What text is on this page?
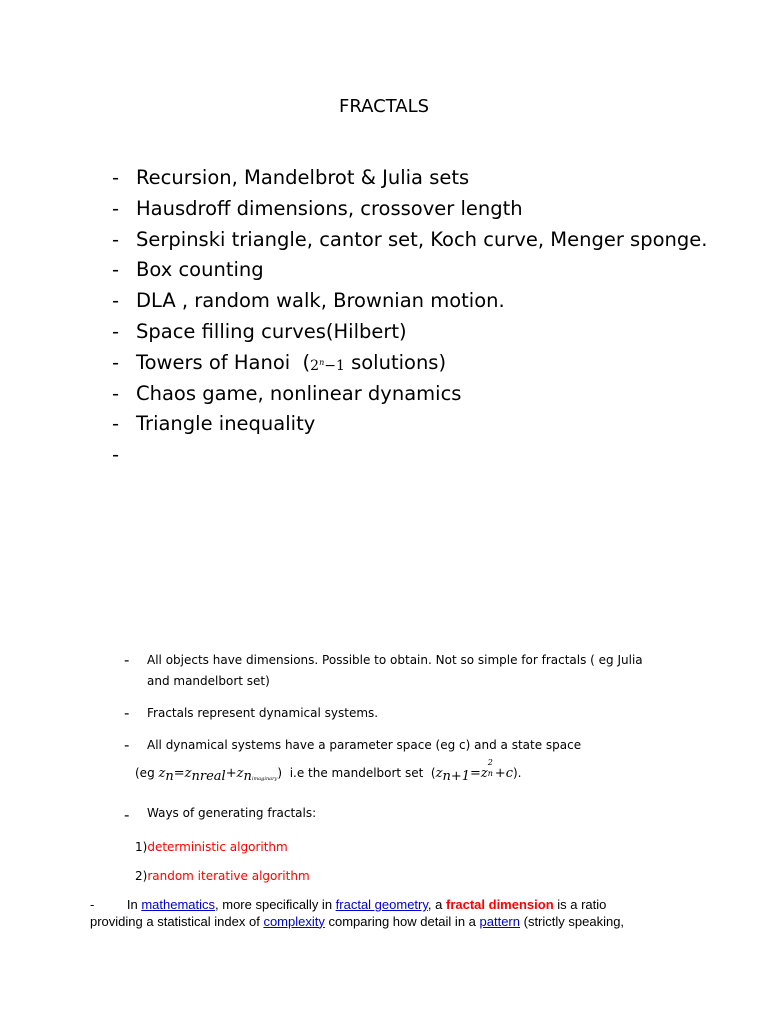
FRACTALS
- Recursion, Mandelbrot & Julia sets
- Hausdroff dimensions, crossover length
- Serpinski triangle, cantor set, Koch curve, Menger sponge.
- Box counting
- DLA , random walk, Brownian motion.
- Space filling curves(Hilbert)
- Towers of Hanoi  ( $2^n-1$ solutions)
- Chaos game, nonlinear dynamics
- Triangle inequality
-
-	All objects have dimensions. Possible to obtain. Not so simple for fractals ( eg Julia and mandelbort set)
-	Fractals represent dynamical systems.
-	All dynamical systems have a parameter space (eg c) and a state space
(eg zn=znreal+znimaginary)  i.e the mandelbort set  (zn+1=z
2
n +c).
-	Ways of generating fractals:
1)deterministic algorithm
2)random iterative algorithm
-         In mathematics, more specifically in fractal geometry, a fractal dimension is a ratio providing a statistical index of complexity comparing how detail in a pattern (strictly speaking,
